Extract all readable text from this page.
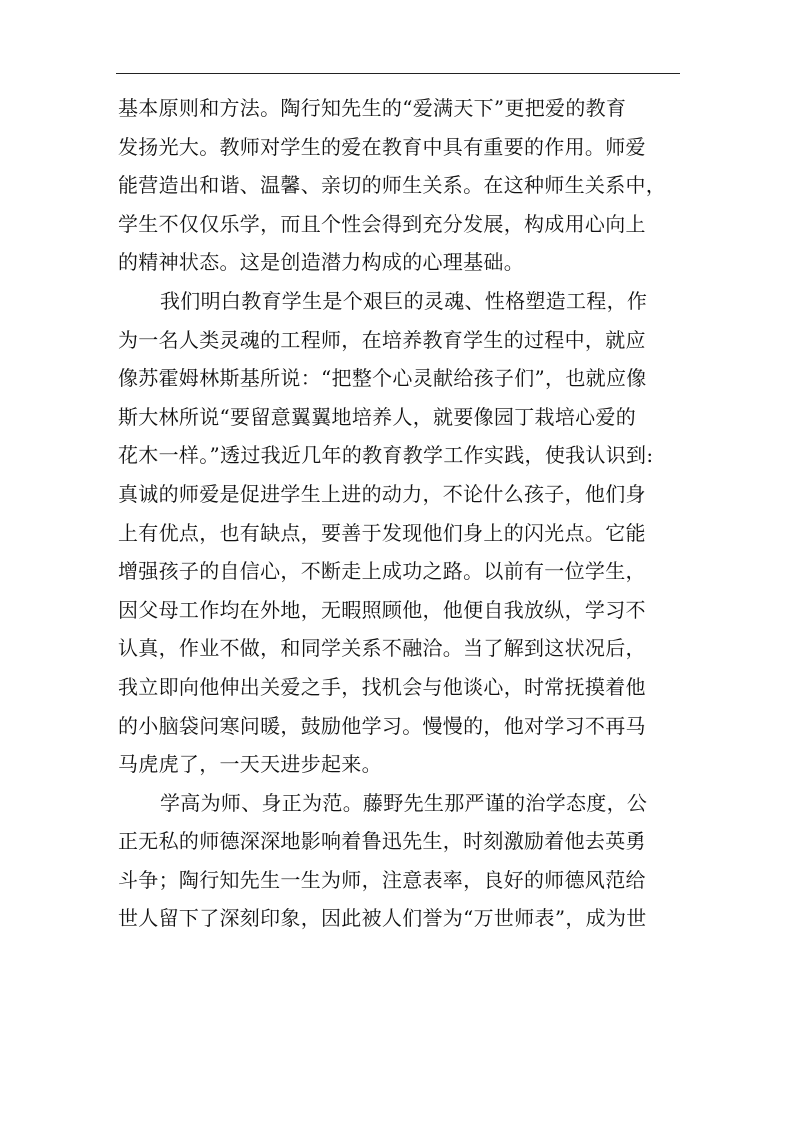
基本原则和方法。陶行知先生的“爱满天下”更把爱的教育
发扬光大。教师对学生的爱在教育中具有重要的作用。师爱
能营造出和谐、温馨、亲切的师生关系。在这种师生关系中，
学生不仅仅乐学，而且个性会得到充分发展，构成用心向上
的精神状态。这是创造潜力构成的心理基础。
我们明白教育学生是个艰巨的灵魂、性格塑造工程，作
为一名人类灵魂的工程师，在培养教育学生的过程中，就应
像苏霍姆林斯基所说：“把整个心灵献给孩子们”，也就应像
斯大林所说“要留意翼翼地培养人，就要像园丁栽培心爱的
花木一样。”透过我近几年的教育教学工作实践，使我认识到:
真诚的师爱是促进学生上进的动力，不论什么孩子，他们身
上有优点，也有缺点，要善于发现他们身上的闪光点。它能
增强孩子的自信心，不断走上成功之路。以前有一位学生，
因父母工作均在外地，无暇照顾他，他便自我放纵，学习不
认真，作业不做，和同学关系不融洽。当了解到这状况后，
我立即向他伸出关爱之手，找机会与他谈心，时常抚摸着他
的小脑袋问寒问暖，鼓励他学习。慢慢的，他对学习不再马
马虎虎了，一天天进步起来。
学高为师、身正为范。藤野先生那严谨的治学态度，公
正无私的师德深深地影响着鲁迅先生，时刻激励着他去英勇
斗争；陶行知先生一生为师，注意表率，良好的师德风范给
世人留下了深刻印象，因此被人们誉为“万世师表”，成为世
